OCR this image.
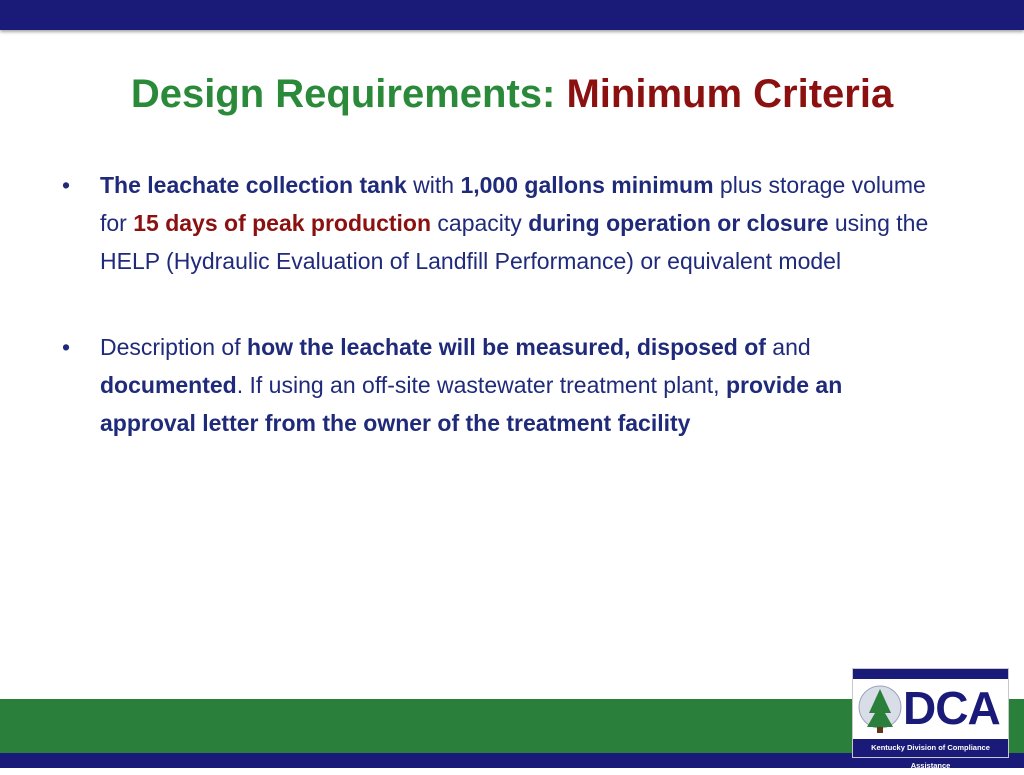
Design Requirements: Minimum Criteria
• The leachate collection tank with 1,000 gallons minimum plus storage volume for 15 days of peak production capacity during operation or closure using the HELP (Hydraulic Evaluation of Landfill Performance) or equivalent model
• Description of how the leachate will be measured, disposed of and documented. If using an off-site wastewater treatment plant, provide an approval letter from the owner of the treatment facility
DCA
Kentucky Division of Compliance Assistance
